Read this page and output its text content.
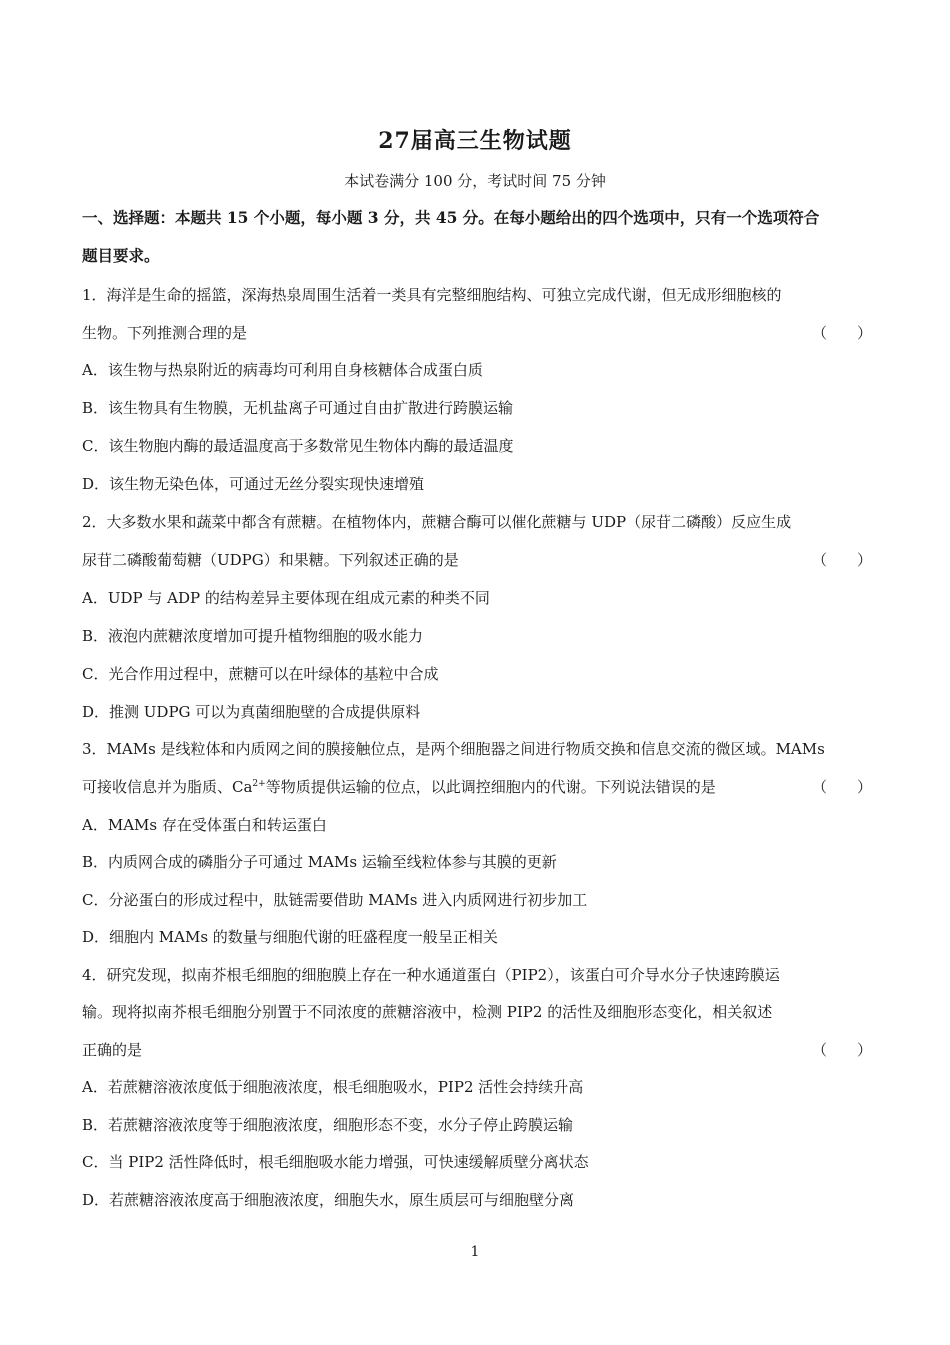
27届高三生物试题
本试卷满分 100 分，考试时间 75 分钟
一、选择题：本题共 15 个小题，每小题 3 分，共 45 分。在每小题给出的四个选项中，只有一个选项符合
题目要求。
1．海洋是生命的摇篮，深海热泉周围生活着一类具有完整细胞结构、可独立完成代谢，但无成形细胞核的
生物。下列推测合理的是	（　　）
A．该生物与热泉附近的病毒均可利用自身核糖体合成蛋白质
B．该生物具有生物膜，无机盐离子可通过自由扩散进行跨膜运输
C．该生物胞内酶的最适温度高于多数常见生物体内酶的最适温度
D．该生物无染色体，可通过无丝分裂实现快速增殖
2．大多数水果和蔬菜中都含有蔗糖。在植物体内，蔗糖合酶可以催化蔗糖与 UDP（尿苷二磷酸）反应生成
尿苷二磷酸葡萄糖（UDPG）和果糖。下列叙述正确的是	（　　）
A．UDP 与 ADP 的结构差异主要体现在组成元素的种类不同
B．液泡内蔗糖浓度增加可提升植物细胞的吸水能力
C．光合作用过程中，蔗糖可以在叶绿体的基粒中合成
D．推测 UDPG 可以为真菌细胞壁的合成提供原料
3．MAMs 是线粒体和内质网之间的膜接触位点，是两个细胞器之间进行物质交换和信息交流的微区域。MAMs
可接收信息并为脂质、$Ca^{2+}$等物质提供运输的位点，以此调控细胞内的代谢。下列说法错误的是	（　　）
A．MAMs 存在受体蛋白和转运蛋白
B．内质网合成的磷脂分子可通过 MAMs 运输至线粒体参与其膜的更新
C．分泌蛋白的形成过程中，肽链需要借助 MAMs 进入内质网进行初步加工
D．细胞内 MAMs 的数量与细胞代谢的旺盛程度一般呈正相关
4．研究发现，拟南芥根毛细胞的细胞膜上存在一种水通道蛋白（PIP2），该蛋白可介导水分子快速跨膜运
输。现将拟南芥根毛细胞分别置于不同浓度的蔗糖溶液中，检测 PIP2 的活性及细胞形态变化，相关叙述
正确的是	（　　）
A．若蔗糖溶液浓度低于细胞液浓度，根毛细胞吸水，PIP2 活性会持续升高
B．若蔗糖溶液浓度等于细胞液浓度，细胞形态不变，水分子停止跨膜运输
C．当 PIP2 活性降低时，根毛细胞吸水能力增强，可快速缓解质壁分离状态
D．若蔗糖溶液浓度高于细胞液浓度，细胞失水，原生质层可与细胞壁分离
1
